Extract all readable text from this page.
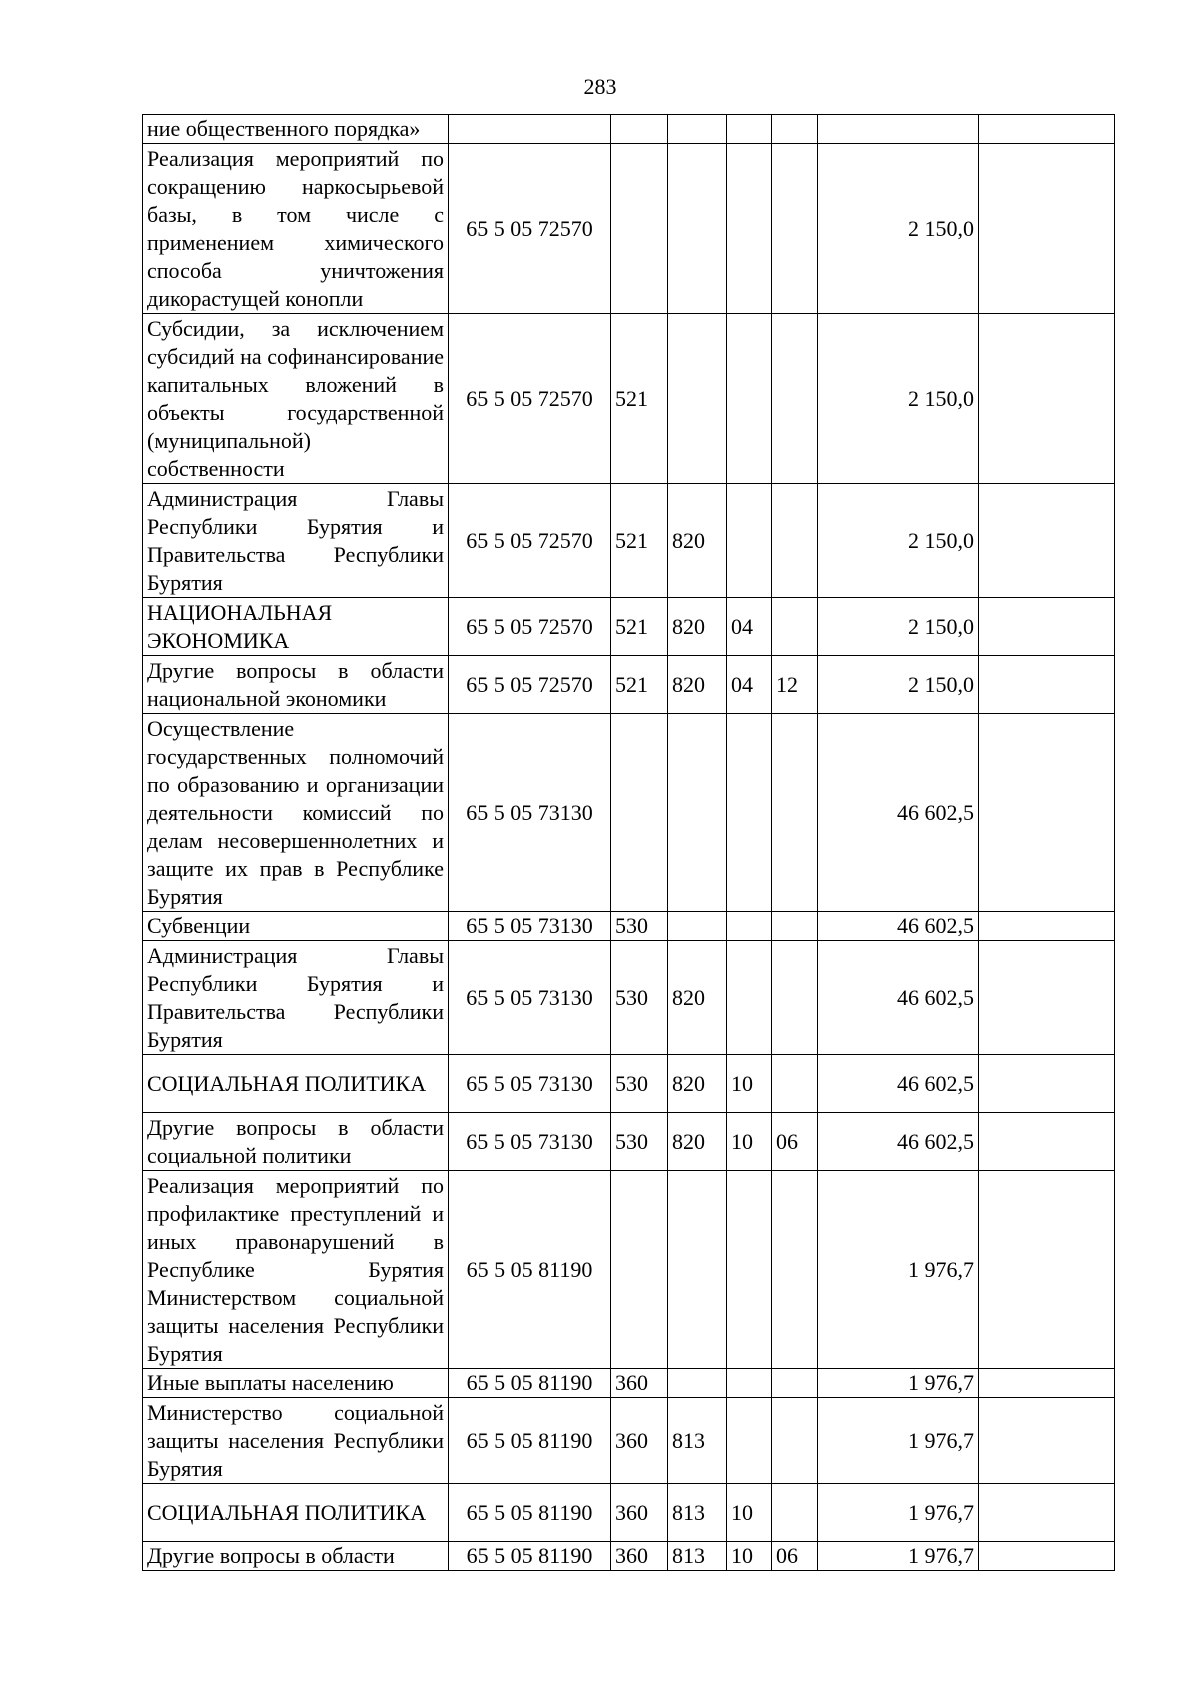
283
ние общественного порядка»							
Реализация мероприятий по сокращению наркосырьевой базы, в том числе с применением химического способа уничтожения дикорастущей конопли	65 5 05 72570					2 150,0	
Субсидии, за исключением субсидий на софинансирование капитальных вложений в объекты государственной (муниципальной) собственности	65 5 05 72570	521				2 150,0	
Администрация Главы Республики Бурятия и Правительства Республики Бурятия	65 5 05 72570	521	820			2 150,0	
НАЦИОНАЛЬНАЯ ЭКОНОМИКА	65 5 05 72570	521	820	04		2 150,0	
Другие вопросы в области национальной экономики	65 5 05 72570	521	820	04	12	2 150,0	
Осуществление государственных полномочий по образованию и организации деятельности комиссий по делам несовершеннолетних и защите их прав в Республике Бурятия	65 5 05 73130					46 602,5	
Субвенции	65 5 05 73130	530				46 602,5	
Администрация Главы Республики Бурятия и Правительства Республики Бурятия	65 5 05 73130	530	820			46 602,5	
СОЦИАЛЬНАЯ ПОЛИТИКА	65 5 05 73130	530	820	10		46 602,5	
Другие вопросы в области социальной политики	65 5 05 73130	530	820	10	06	46 602,5	
Реализация мероприятий по профилактике преступлений и иных правонарушений в Республике Бурятия Министерством социальной защиты населения Республики Бурятия	65 5 05 81190					1 976,7	
Иные выплаты населению	65 5 05 81190	360				1 976,7	
Министерство социальной защиты населения Республики Бурятия	65 5 05 81190	360	813			1 976,7	
СОЦИАЛЬНАЯ ПОЛИТИКА	65 5 05 81190	360	813	10		1 976,7	
Другие вопросы в области	65 5 05 81190	360	813	10	06	1 976,7	
